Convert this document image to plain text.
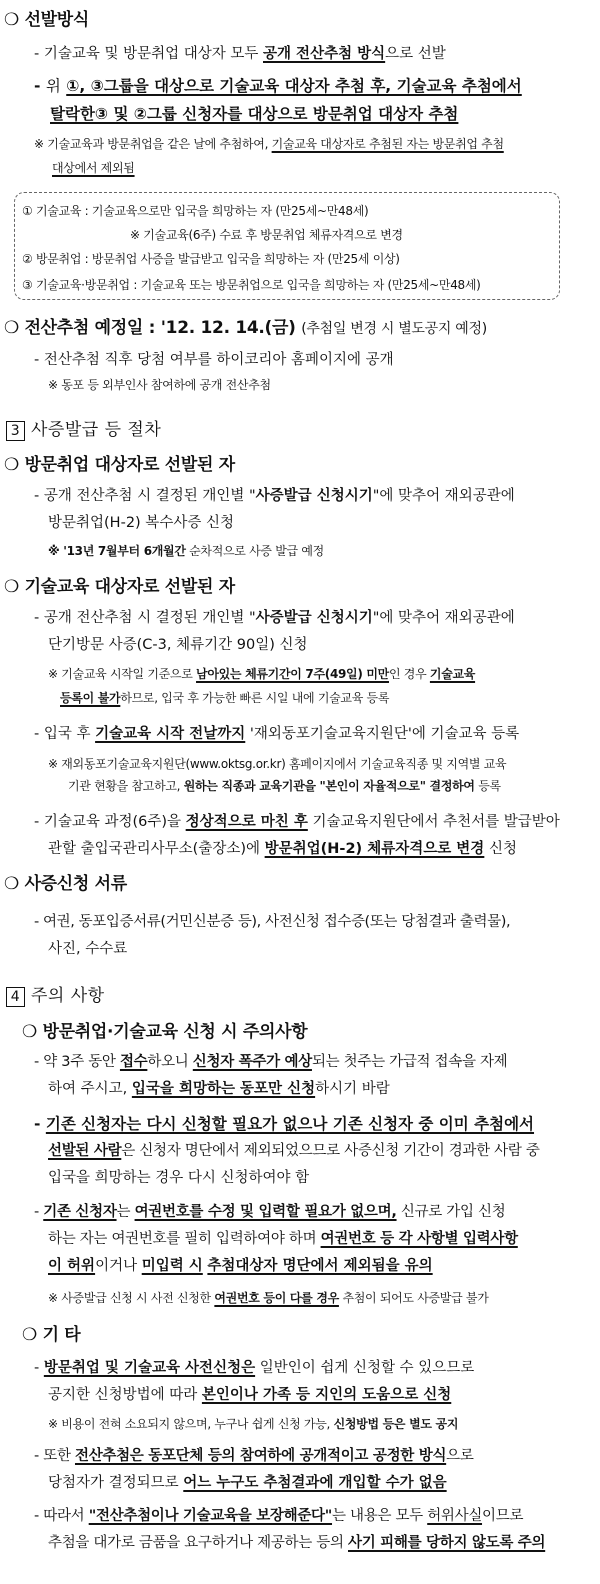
❍ 선발방식
- 기술교육 및 방문취업 대상자 모두 공개 전산추첨 방식으로 선발
- 위 ①, ③그룹을 대상으로 기술교육 대상자 추첨 후, 기술교육 추첨에서
탈락한③ 및 ②그룹 신청자를 대상으로 방문취업 대상자 추첨
※ 기술교육과 방문취업을 같은 날에 추첨하여, 기술교육 대상자로 추첨된 자는 방문취업 추첨
대상에서 제외됨
① 기술교육 : 기술교육으로만 입국을 희망하는 자 (만25세~만48세)
※ 기술교육(6주) 수료 후 방문취업 체류자격으로 변경
② 방문취업 : 방문취업 사증을 발급받고 입국을 희망하는 자 (만25세 이상)
③ 기술교육·방문취업 : 기술교육 또는 방문취업으로 입국을 희망하는 자 (만25세~만48세)
❍ 전산추첨 예정일 : '12. 12. 14.(금) (추첨일 변경 시 별도공지 예정)
- 전산추첨 직후 당첨 여부를 하이코리아 홈페이지에 공개
※ 동포 등 외부인사 참여하에 공개 전산추첨
3 사증발급 등 절차
❍ 방문취업 대상자로 선발된 자
- 공개 전산추첨 시 결정된 개인별 "사증발급 신청시기"에 맞추어 재외공관에
방문취업(H-2) 복수사증 신청
※ '13년 7월부터 6개월간 순차적으로 사증 발급 예정
❍ 기술교육 대상자로 선발된 자
- 공개 전산추첨 시 결정된 개인별 "사증발급 신청시기"에 맞추어 재외공관에
단기방문 사증(C-3, 체류기간 90일) 신청
※ 기술교육 시작일 기준으로 남아있는 체류기간이 7주(49일) 미만인 경우 기술교육
등록이 불가하므로, 입국 후 가능한 빠른 시일 내에 기술교육 등록
- 입국 후 기술교육 시작 전날까지 '재외동포기술교육지원단'에 기술교육 등록
※ 재외동포기술교육지원단(www.oktsg.or.kr) 홈페이지에서 기술교육직종 및 지역별 교육
기관 현황을 참고하고, 원하는 직종과 교육기관을 "본인이 자율적으로" 결정하여 등록
- 기술교육 과정(6주)을 정상적으로 마친 후 기술교육지원단에서 추천서를 발급받아
관할 출입국관리사무소(출장소)에 방문취업(H-2) 체류자격으로 변경 신청
❍ 사증신청 서류
- 여권, 동포입증서류(거민신분증 등), 사전신청 접수증(또는 당첨결과 출력물),
사진, 수수료
4 주의 사항
❍ 방문취업·기술교육 신청 시 주의사항
- 약 3주 동안 접수하오니 신청자 폭주가 예상되는 첫주는 가급적 접속을 자제
하여 주시고, 입국을 희망하는 동포만 신청하시기 바람
- 기존 신청자는 다시 신청할 필요가 없으나 기존 신청자 중 이미 추첨에서
선발된 사람은 신청자 명단에서 제외되었으므로 사증신청 기간이 경과한 사람 중
입국을 희망하는 경우 다시 신청하여야 함
- 기존 신청자는 여권번호를 수정 및 입력할 필요가 없으며, 신규로 가입 신청
하는 자는 여권번호를 필히 입력하여야 하며 여권번호 등 각 사항별 입력사항
이 허위이거나 미입력 시 추첨대상자 명단에서 제외됨을 유의
※ 사증발급 신청 시 사전 신청한 여권번호 등이 다를 경우 추첨이 되어도 사증발급 불가
❍ 기 타
- 방문취업 및 기술교육 사전신청은 일반인이 쉽게 신청할 수 있으므로
공지한 신청방법에 따라 본인이나 가족 등 지인의 도움으로 신청
※ 비용이 전혀 소요되지 않으며, 누구나 쉽게 신청 가능, 신청방법 등은 별도 공지
- 또한 전산추첨은 동포단체 등의 참여하에 공개적이고 공정한 방식으로
당첨자가 결정되므로 어느 누구도 추첨결과에 개입할 수가 없음
- 따라서 "전산추첨이나 기술교육을 보장해준다"는 내용은 모두 허위사실이므로
추첨을 대가로 금품을 요구하거나 제공하는 등의 사기 피해를 당하지 않도록 주의
